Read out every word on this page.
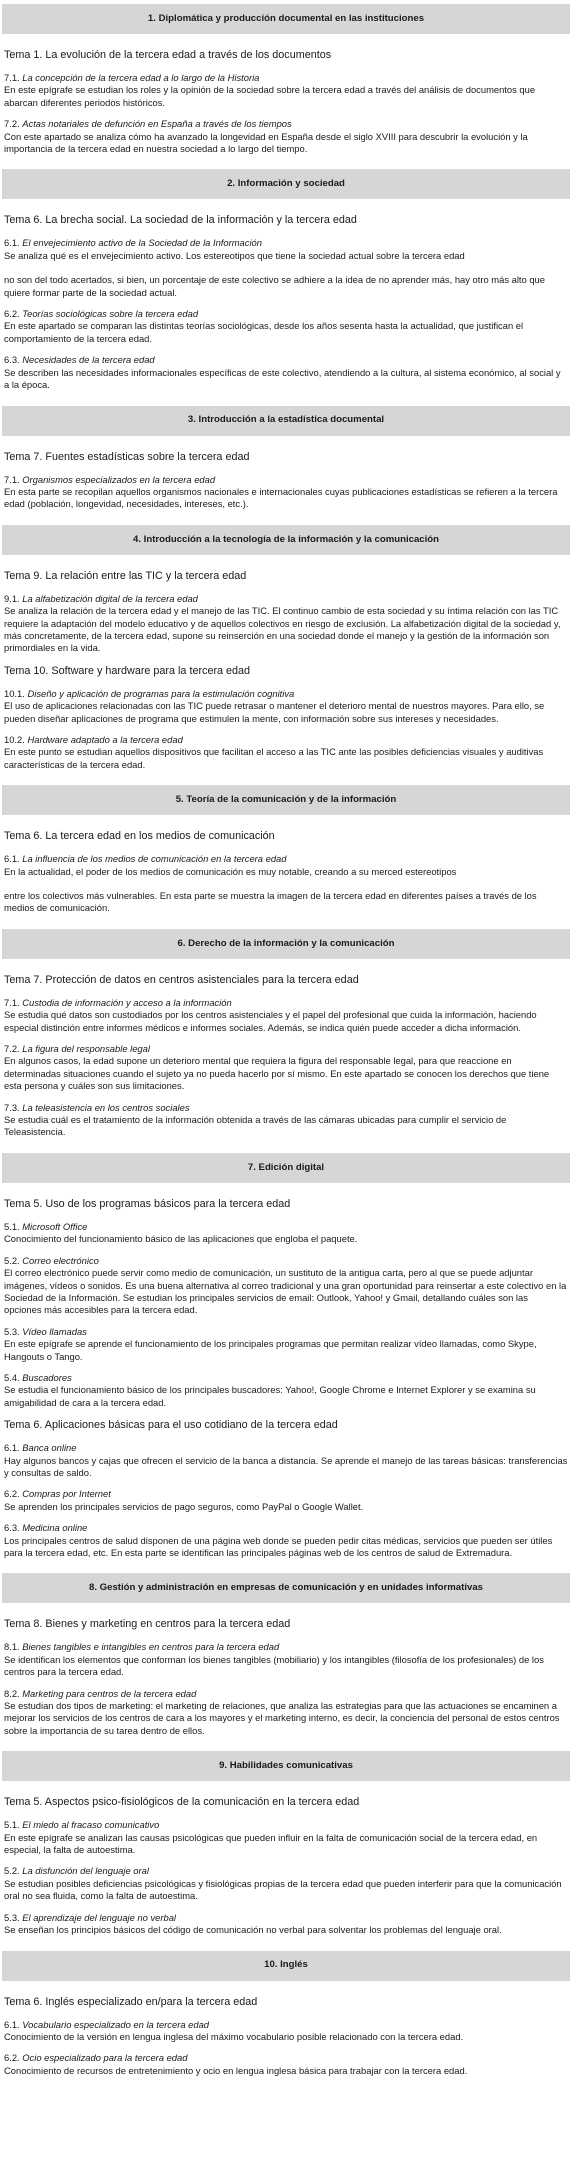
1. Diplomática y producción documental en las instituciones
Tema 1. La evolución de la tercera edad a través de los documentos
7.1. La concepción de la tercera edad a lo largo de la Historia

En este epígrafe se estudian los roles y la opinión de la sociedad sobre la tercera edad a través del análisis de documentos que abarcan diferentes periodos históricos.

7.2. Actas notariales de defunción en España a través de los tiempos

Con este apartado se analiza cómo ha avanzado la longevidad en España desde el siglo XVIII para descubrir la evolución y la importancia de la tercera edad en nuestra sociedad a lo largo del tiempo.

2. Información y sociedad
Tema 6. La brecha social. La sociedad de la información y la tercera edad
6.1. El envejecimiento activo de la Sociedad de la Información

Se analiza qué es el envejecimiento activo. Los estereotipos que tiene la sociedad actual sobre la tercera edad

no son del todo acertados, si bien, un porcentaje de este colectivo se adhiere a la idea de no aprender más, hay otro más alto que quiere formar parte de la sociedad actual.

6.2. Teorías sociológicas sobre la tercera edad

En este apartado se comparan las distintas teorías sociológicas, desde los años sesenta hasta la actualidad, que justifican el comportamiento de la tercera edad.

6.3. Necesidades de la tercera edad

Se describen las necesidades informacionales específicas de este colectivo, atendiendo a la cultura, al sistema económico, al social y a la época.

3. Introducción a la estadística documental
Tema 7. Fuentes estadísticas sobre la tercera edad
7.1. Organismos especializados en la tercera edad

En esta parte se recopilan aquellos organismos nacionales e internacionales cuyas publicaciones estadísticas se refieren a la tercera edad (población, longevidad, necesidades, intereses, etc.).

4. Introducción a la tecnología de la información y la comunicación
Tema 9. La relación entre las TIC y la tercera edad
9.1. La alfabetización digital de la tercera edad

Se analiza la relación de la tercera edad y el manejo de las TIC. El continuo cambio de esta sociedad y su íntima relación con las TIC requiere la adaptación del modelo educativo y de aquellos colectivos en riesgo de exclusión. La alfabetización digital de la sociedad y, más concretamente, de la tercera edad, supone su reinserción en una sociedad donde el manejo y la gestión de la información son primordiales en la vida.

Tema 10. Software y hardware para la tercera edad
10.1. Diseño y aplicación de programas para la estimulación cognitiva

El uso de aplicaciones relacionadas con las TIC puede retrasar o mantener el deterioro mental de nuestros mayores. Para ello, se pueden diseñar aplicaciones de programa que estimulen la mente, con información sobre sus intereses y necesidades.

10.2. Hardware adaptado a la tercera edad

En este punto se estudian aquellos dispositivos que facilitan el acceso a las TIC ante las posibles deficiencias visuales y auditivas características de la tercera edad.

5. Teoría de la comunicación y de la información
Tema 6. La tercera edad en los medios de comunicación
6.1. La influencia de los medios de comunicación en la tercera edad

En la actualidad, el poder de los medios de comunicación es muy notable, creando a su merced estereotipos

entre los colectivos más vulnerables. En esta parte se muestra la imagen de la tercera edad en diferentes países a través de los medios de comunicación.

6. Derecho de la información y la comunicación
Tema 7. Protección de datos en centros asistenciales para la tercera edad
7.1. Custodia de información y acceso a la información

Se estudia qué datos son custodiados por los centros asistenciales y el papel del profesional que cuida la información, haciendo especial distinción entre informes médicos e informes sociales. Además, se indica quién puede acceder a dicha información.

7.2. La figura del responsable legal

En algunos casos, la edad supone un deterioro mental que requiera la figura del responsable legal, para que reaccione en determinadas situaciones cuando el sujeto ya no pueda hacerlo por sí mismo. En este apartado se conocen los derechos que tiene esta persona y cuáles son sus limitaciones.

7.3. La teleasistencia en los centros sociales

Se estudia cuál es el tratamiento de la información obtenida a través de las cámaras ubicadas para cumplir el servicio de Teleasistencia.

7. Edición digital
Tema 5. Uso de los programas básicos para la tercera edad
5.1. Microsoft Office

Conocimiento del funcionamiento básico de las aplicaciones que engloba el paquete.

5.2. Correo electrónico

El correo electrónico puede servir como medio de comunicación, un sustituto de la antigua carta, pero al que se puede adjuntar imágenes, vídeos o sonidos. Es una buena alternativa al correo tradicional y una gran oportunidad para reinsertar a este colectivo en la Sociedad de la Información. Se estudian los principales servicios de email: Outlook, Yahoo! y Gmail, detallando cuáles son las opciones más accesibles para la tercera edad.

5.3. Vídeo llamadas

En este epígrafe se aprende el funcionamiento de los principales programas que permitan realizar vídeo llamadas, como Skype, Hangouts o Tango.

5.4. Buscadores

Se estudia el funcionamiento básico de los principales buscadores: Yahoo!, Google Chrome e Internet Explorer y se examina su amigabilidad de cara a la tercera edad.

Tema 6. Aplicaciones básicas para el uso cotidiano de la tercera edad
6.1. Banca online

Hay algunos bancos y cajas que ofrecen el servicio de la banca a distancia. Se aprende el manejo de las tareas básicas: transferencias y consultas de saldo.

6.2. Compras por Internet

Se aprenden los principales servicios de pago seguros, como PayPal o Google Wallet.

6.3. Medicina online

Los principales centros de salud disponen de una página web donde se pueden pedir citas médicas, servicios que pueden ser útiles para la tercera edad, etc. En esta parte se identifican las principales páginas web de los centros de salud de Extremadura.

8. Gestión y administración en empresas de comunicación y en unidades informativas
Tema 8. Bienes y marketing en centros para la tercera edad
8.1. Bienes tangibles e intangibles en centros para la tercera edad

Se identifican los elementos que conforman los bienes tangibles (mobiliario) y los intangibles (filosofía de los profesionales) de los centros para la tercera edad.

8.2. Marketing para centros de la tercera edad

Se estudian dos tipos de marketing: el marketing de relaciones, que analiza las estrategias para que las actuaciones se encaminen a mejorar los servicios de los centros de cara a los mayores y el marketing interno, es decir, la conciencia del personal de estos centros sobre la importancia de su tarea dentro de ellos.

9. Habilidades comunicativas
Tema 5. Aspectos psico-fisiológicos de la comunicación en la tercera edad
5.1. El miedo al fracaso comunicativo

En este epígrafe se analizan las causas psicológicas que pueden influir en la falta de comunicación social de la tercera edad, en especial, la falta de autoestima.

5.2. La disfunción del lenguaje oral

Se estudian posibles deficiencias psicológicas y fisiológicas propias de la tercera edad que pueden interferir para que la comunicación oral no sea fluida, como la falta de autoestima.

5.3. El aprendizaje del lenguaje no verbal

Se enseñan los principios básicos del código de comunicación no verbal para solventar los problemas del lenguaje oral.

10. Inglés
Tema 6. Inglés especializado en/para la tercera edad
6.1. Vocabulario especializado en la tercera edad

Conocimiento de la versión en lengua inglesa del máximo vocabulario posible relacionado con la tercera edad.

6.2. Ocio especializado para la tercera edad

Conocimiento de recursos de entretenimiento y ocio en lengua inglesa básica para trabajar con la tercera edad.
